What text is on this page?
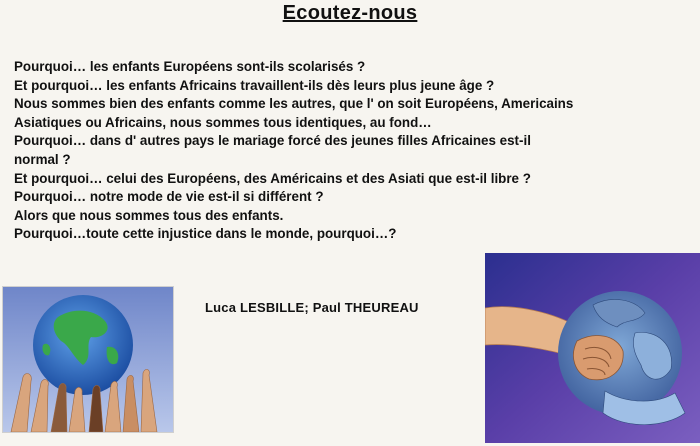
Ecoutez-nous
Pourquoi… les enfants Européens sont-ils scolarisés ?
Et pourquoi… les enfants Africains travaillent-ils dès leurs plus jeune âge ?
Nous sommes bien des enfants comme les autres, que l' on soit Européens, Americains
Asiatiques ou Africains, nous sommes tous identiques, au fond…
Pourquoi… dans d' autres pays le mariage forcé des jeunes filles Africaines est-il
normal ?
Et pourquoi… celui des Européens, des Américains et des Asiati que est-il libre ?
Pourquoi… notre mode de vie est-il si différent ?
Alors que nous sommes tous des enfants.
Pourquoi…toute cette injustice dans le monde, pourquoi…?
Luca LESBILLE; Paul THEUREAU
